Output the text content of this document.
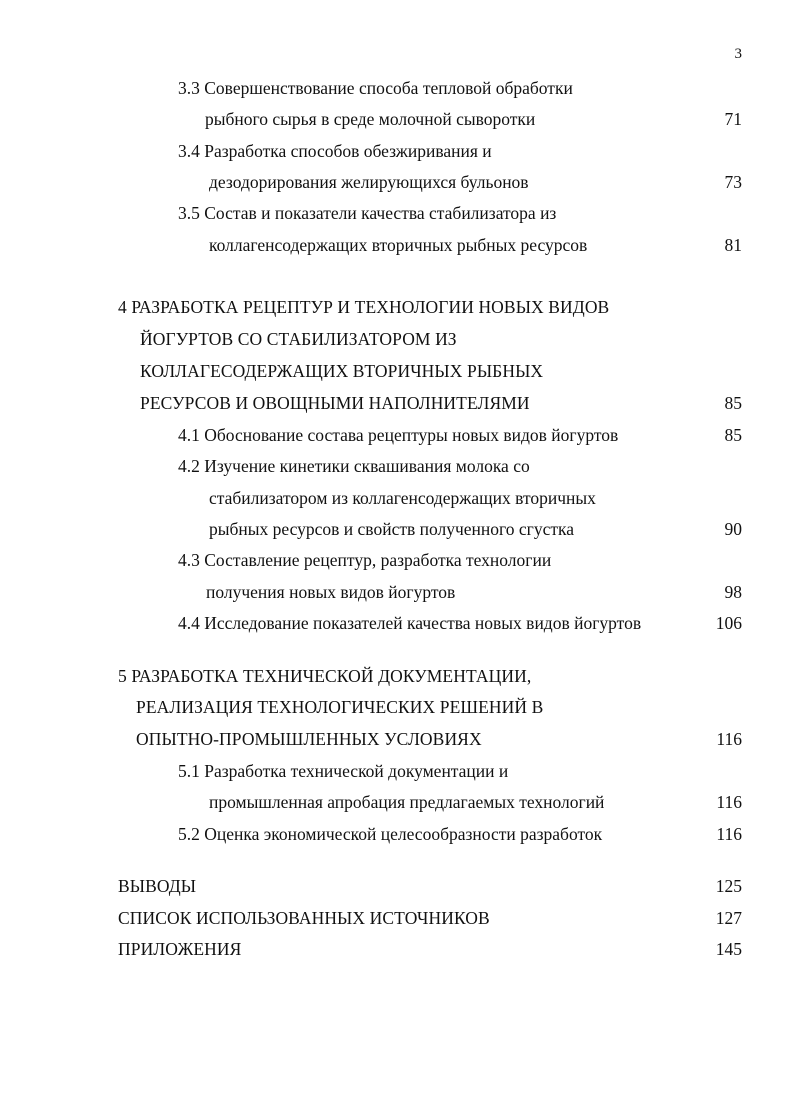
3
3.3 Совершенствование способа тепловой обработки
рыбного сырья в среде молочной сыворотки	71
3.4 Разработка способов обезжиривания и
дезодорирования желирующихся бульонов	73
3.5 Состав и показатели качества стабилизатора из
коллагенсодержащих вторичных рыбных ресурсов	81
4 РАЗРАБОТКА РЕЦЕПТУР И ТЕХНОЛОГИИ НОВЫХ ВИДОВ
ЙОГУРТОВ СО СТАБИЛИЗАТОРОМ ИЗ
КОЛЛАГЕСОДЕРЖАЩИХ ВТОРИЧНЫХ РЫБНЫХ
РЕСУРСОВ И ОВОЩНЫМИ НАПОЛНИТЕЛЯМИ	85
4.1 Обоснование состава рецептуры новых видов йогуртов	85
4.2 Изучение кинетики сквашивания молока со
стабилизатором из коллагенсодержащих вторичных
рыбных ресурсов и свойств полученного сгустка	90
4.3 Составление рецептур, разработка технологии
получения новых видов йогуртов	98
4.4 Исследование показателей качества новых видов йогуртов	106
5 РАЗРАБОТКА ТЕХНИЧЕСКОЙ ДОКУМЕНТАЦИИ,
РЕАЛИЗАЦИЯ ТЕХНОЛОГИЧЕСКИХ РЕШЕНИЙ В
ОПЫТНО-ПРОМЫШЛЕННЫХ УСЛОВИЯХ	116
5.1 Разработка технической документации и
промышленная апробация предлагаемых технологий	116
5.2 Оценка экономической целесообразности разработок	116
ВЫВОДЫ	125
СПИСОК ИСПОЛЬЗОВАННЫХ ИСТОЧНИКОВ	127
ПРИЛОЖЕНИЯ	145
